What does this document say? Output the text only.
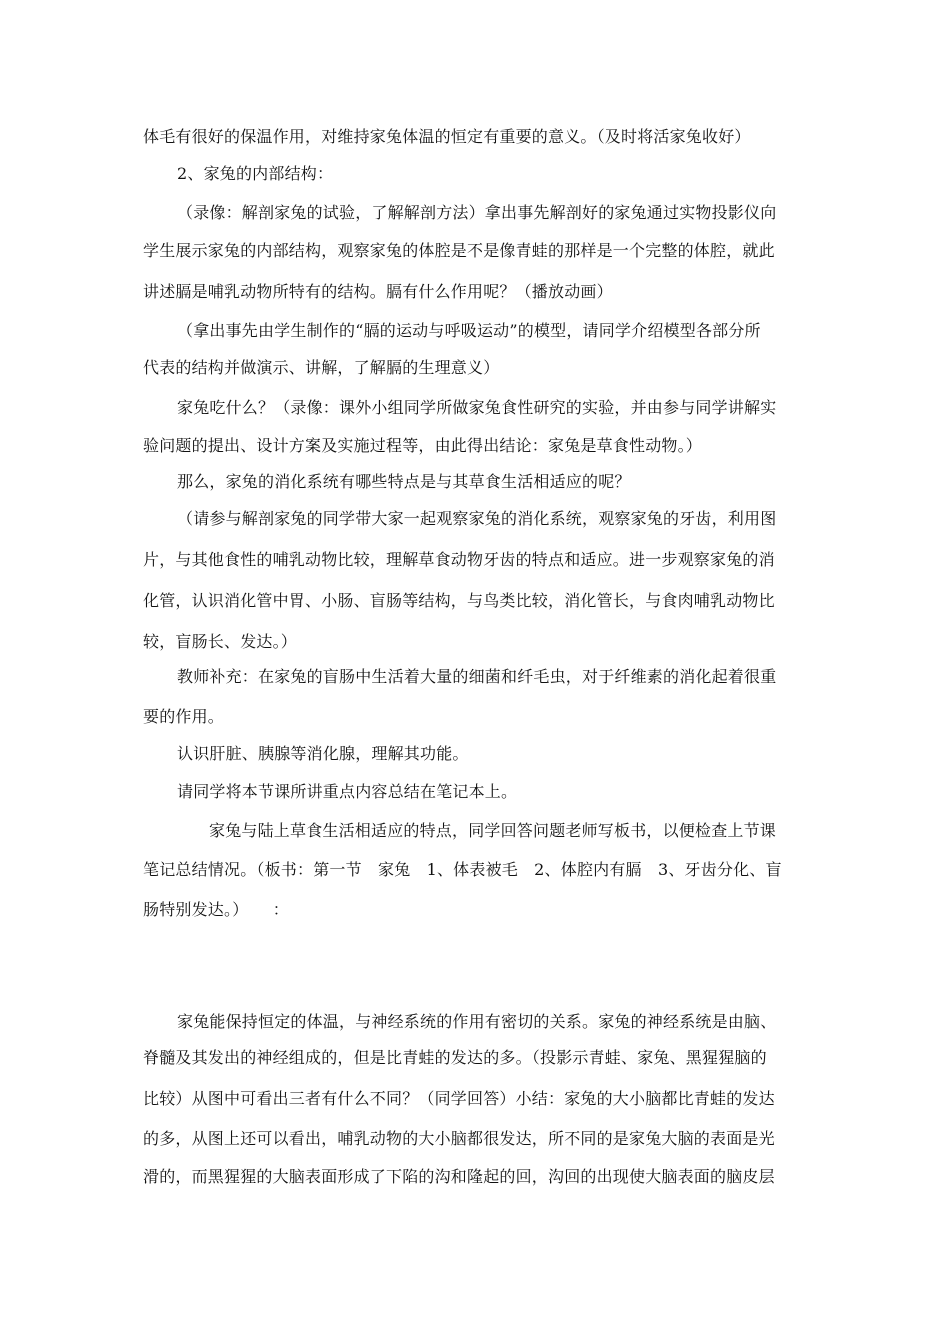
体毛有很好的保温作用，对维持家兔体温的恒定有重要的意义。（及时将活家兔收好）
2、家兔的内部结构：
（录像：解剖家兔的试验，了解解剖方法）拿出事先解剖好的家兔通过实物投影仪向
学生展示家兔的内部结构，观察家兔的体腔是不是像青蛙的那样是一个完整的体腔，就此
讲述膈是哺乳动物所特有的结构。膈有什么作用呢？（播放动画）
（拿出事先由学生制作的“膈的运动与呼吸运动”的模型，请同学介绍模型各部分所
代表的结构并做演示、讲解，了解膈的生理意义）
家兔吃什么？（录像：课外小组同学所做家兔食性研究的实验，并由参与同学讲解实
验问题的提出、设计方案及实施过程等，由此得出结论：家兔是草食性动物。）
那么，家兔的消化系统有哪些特点是与其草食生活相适应的呢？
（请参与解剖家兔的同学带大家一起观察家兔的消化系统，观察家兔的牙齿，利用图
片，与其他食性的哺乳动物比较，理解草食动物牙齿的特点和适应。进一步观察家兔的消
化管，认识消化管中胃、小肠、盲肠等结构，与鸟类比较，消化管长，与食肉哺乳动物比
较，盲肠长、发达。）
教师补充：在家兔的盲肠中生活着大量的细菌和纤毛虫，对于纤维素的消化起着很重
要的作用。
认识肝脏、胰腺等消化腺，理解其功能。
请同学将本节课所讲重点内容总结在笔记本上。
家兔与陆上草食生活相适应的特点，同学回答问题老师写板书，以便检查上节课
笔记总结情况。（板书：第一节　家兔　1、体表被毛　2、体腔内有膈　3、牙齿分化、盲
肠特别发达。）　　：
家兔能保持恒定的体温，与神经系统的作用有密切的关系。家兔的神经系统是由脑、
脊髓及其发出的神经组成的，但是比青蛙的发达的多。（投影示青蛙、家兔、黑猩猩脑的
比较）从图中可看出三者有什么不同？（同学回答）小结：家兔的大小脑都比青蛙的发达
的多，从图上还可以看出，哺乳动物的大小脑都很发达，所不同的是家兔大脑的表面是光
滑的，而黑猩猩的大脑表面形成了下陷的沟和隆起的回，沟回的出现使大脑表面的脑皮层
